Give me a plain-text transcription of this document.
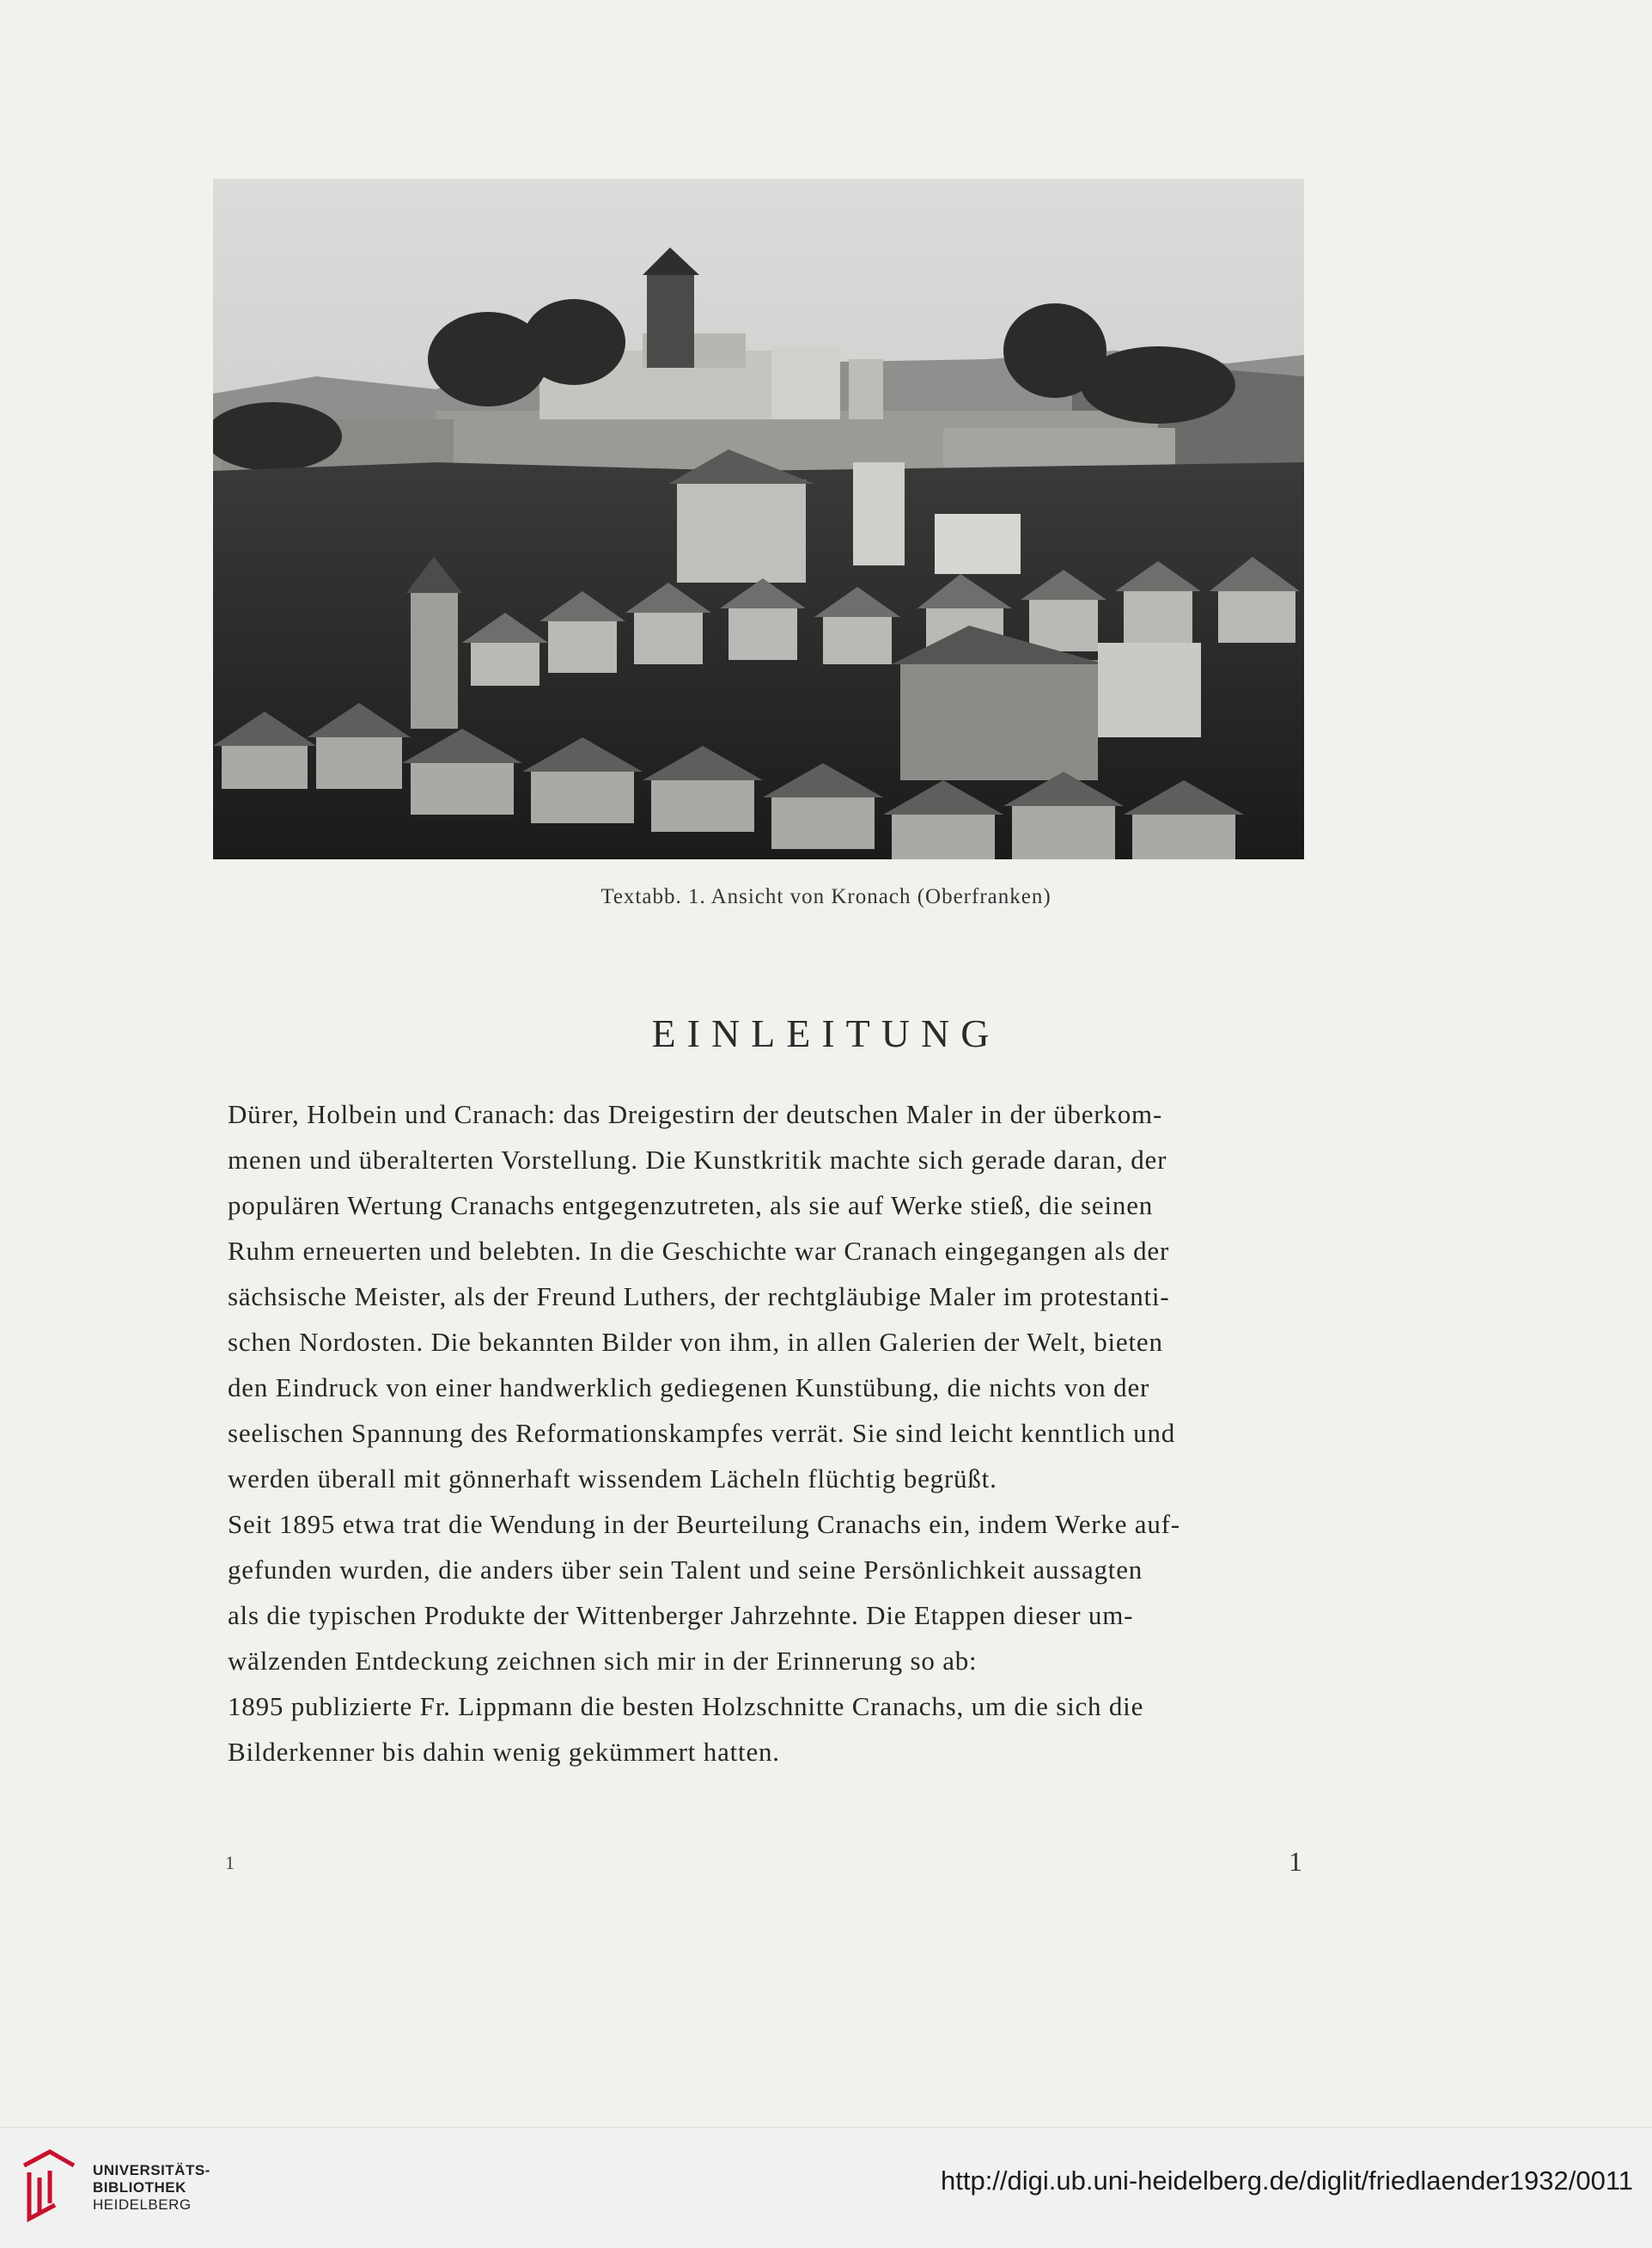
Textabb. 1. Ansicht von Kronach (Oberfranken)
EINLEITUNG
Dürer, Holbein und Cranach: das Dreigestirn der deutschen Maler in der überkom-
menen und überalterten Vorstellung. Die Kunstkritik machte sich gerade daran, der
populären Wertung Cranachs entgegenzutreten, als sie auf Werke stieß, die seinen
Ruhm erneuerten und belebten. In die Geschichte war Cranach eingegangen als der
sächsische Meister, als der Freund Luthers, der rechtgläubige Maler im protestanti-
schen Nordosten. Die bekannten Bilder von ihm, in allen Galerien der Welt, bieten
den Eindruck von einer handwerklich gediegenen Kunstübung, die nichts von der
seelischen Spannung des Reformationskampfes verrät. Sie sind leicht kenntlich und
werden überall mit gönnerhaft wissendem Lächeln flüchtig begrüßt.
Seit 1895 etwa trat die Wendung in der Beurteilung Cranachs ein, indem Werke auf-
gefunden wurden, die anders über sein Talent und seine Persönlichkeit aussagten
als die typischen Produkte der Wittenberger Jahrzehnte. Die Etappen dieser um-
wälzenden Entdeckung zeichnen sich mir in der Erinnerung so ab:
1895 publizierte Fr. Lippmann die besten Holzschnitte Cranachs, um die sich die
Bilderkenner bis dahin wenig gekümmert hatten.
1	1
UNIVERSITÄTS-
BIBLIOTHEK
HEIDELBERG
http://digi.ub.uni-heidelberg.de/diglit/friedlaender1932/0011
